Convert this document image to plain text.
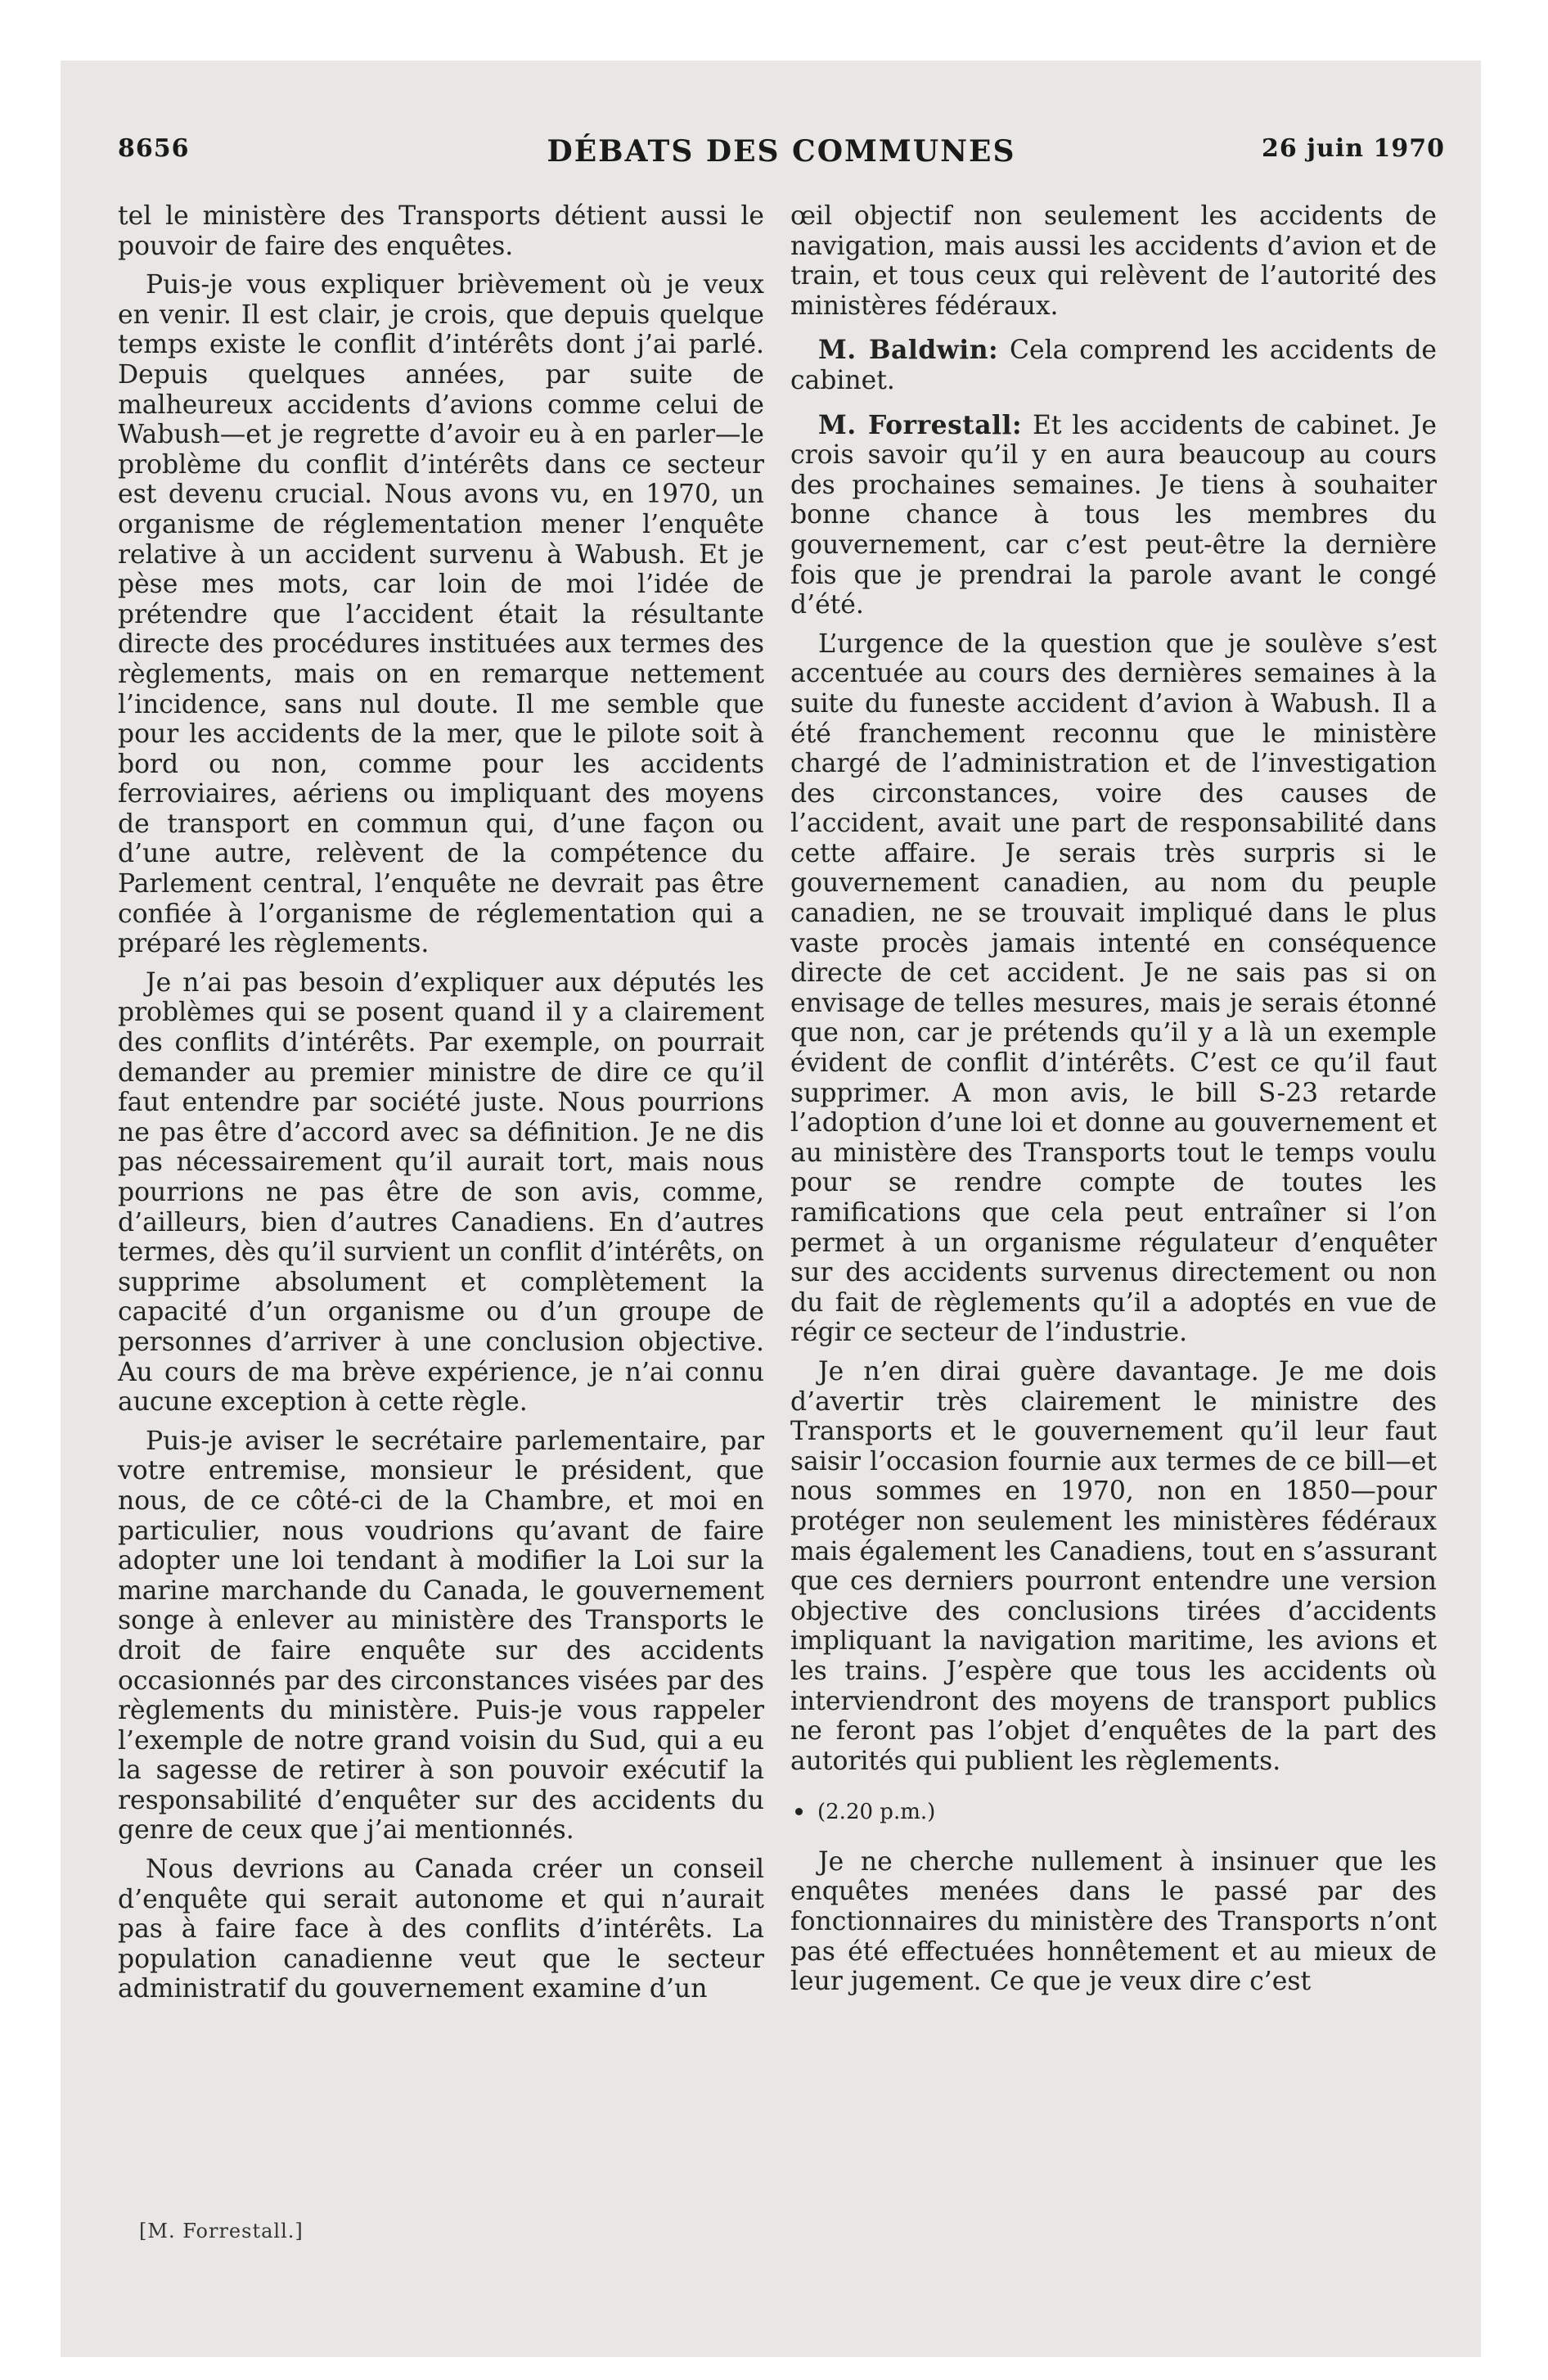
8656	DÉBATS DES COMMUNES	26 juin 1970

tel le ministère des Transports détient aussi le pouvoir de faire des enquêtes.

Puis-je vous expliquer brièvement où je veux en venir. Il est clair, je crois, que depuis quelque temps existe le conflit d’intérêts dont j’ai parlé. Depuis quelques années, par suite de malheureux accidents d’avions comme celui de Wabush—et je regrette d’avoir eu à en parler—le problème du conflit d’intérêts dans ce secteur est devenu crucial. Nous avons vu, en 1970, un organisme de réglementation mener l’enquête relative à un accident survenu à Wabush. Et je pèse mes mots, car loin de moi l’idée de prétendre que l’accident était la résultante directe des procédures instituées aux termes des règlements, mais on en remarque nettement l’incidence, sans nul doute. Il me semble que pour les accidents de la mer, que le pilote soit à bord ou non, comme pour les accidents ferroviaires, aériens ou impliquant des moyens de transport en commun qui, d’une façon ou d’une autre, relèvent de la compétence du Parlement central, l’enquête ne devrait pas être confiée à l’organisme de réglementation qui a préparé les règlements.

Je n’ai pas besoin d’expliquer aux députés les problèmes qui se posent quand il y a clairement des conflits d’intérêts. Par exemple, on pourrait demander au premier ministre de dire ce qu’il faut entendre par société juste. Nous pourrions ne pas être d’accord avec sa définition. Je ne dis pas nécessairement qu’il aurait tort, mais nous pourrions ne pas être de son avis, comme, d’ailleurs, bien d’autres Canadiens. En d’autres termes, dès qu’il survient un conflit d’intérêts, on supprime absolument et complètement la capacité d’un organisme ou d’un groupe de personnes d’arriver à une conclusion objective. Au cours de ma brève expérience, je n’ai connu aucune exception à cette règle.

Puis-je aviser le secrétaire parlementaire, par votre entremise, monsieur le président, que nous, de ce côté-ci de la Chambre, et moi en particulier, nous voudrions qu’avant de faire adopter une loi tendant à modifier la Loi sur la marine marchande du Canada, le gouvernement songe à enlever au ministère des Transports le droit de faire enquête sur des accidents occasionnés par des circonstances visées par des règlements du ministère. Puis-je vous rappeler l’exemple de notre grand voisin du Sud, qui a eu la sagesse de retirer à son pouvoir exécutif la responsabilité d’enquêter sur des accidents du genre de ceux que j’ai mentionnés.

Nous devrions au Canada créer un conseil d’enquête qui serait autonome et qui n’aurait pas à faire face à des conflits d’intérêts. La population canadienne veut que le secteur administratif du gouvernement examine d’un

[M. Forrestall.]

œil objectif non seulement les accidents de navigation, mais aussi les accidents d’avion et de train, et tous ceux qui relèvent de l’autorité des ministères fédéraux.

M. Baldwin: Cela comprend les accidents de cabinet.

M. Forrestall: Et les accidents de cabinet. Je crois savoir qu’il y en aura beaucoup au cours des prochaines semaines. Je tiens à souhaiter bonne chance à tous les membres du gouvernement, car c’est peut-être la dernière fois que je prendrai la parole avant le congé d’été.

L’urgence de la question que je soulève s’est accentuée au cours des dernières semaines à la suite du funeste accident d’avion à Wabush. Il a été franchement reconnu que le ministère chargé de l’administration et de l’investigation des circonstances, voire des causes de l’accident, avait une part de responsabilité dans cette affaire. Je serais très surpris si le gouvernement canadien, au nom du peuple canadien, ne se trouvait impliqué dans le plus vaste procès jamais intenté en conséquence directe de cet accident. Je ne sais pas si on envisage de telles mesures, mais je serais étonné que non, car je prétends qu’il y a là un exemple évident de conflit d’intérêts. C’est ce qu’il faut supprimer. A mon avis, le bill S-23 retarde l’adoption d’une loi et donne au gouvernement et au ministère des Transports tout le temps voulu pour se rendre compte de toutes les ramifications que cela peut entraîner si l’on permet à un organisme régulateur d’enquêter sur des accidents survenus directement ou non du fait de règlements qu’il a adoptés en vue de régir ce secteur de l’industrie.

Je n’en dirai guère davantage. Je me dois d’avertir très clairement le ministre des Transports et le gouvernement qu’il leur faut saisir l’occasion fournie aux termes de ce bill—et nous sommes en 1970, non en 1850—pour protéger non seulement les ministères fédéraux mais également les Canadiens, tout en s’assurant que ces derniers pourront entendre une version objective des conclusions tirées d’accidents impliquant la navigation maritime, les avions et les trains. J’espère que tous les accidents où interviendront des moyens de transport publics ne feront pas l’objet d’enquêtes de la part des autorités qui publient les règlements.

(2.20 p.m.)

Je ne cherche nullement à insinuer que les enquêtes menées dans le passé par des fonctionnaires du ministère des Transports n’ont pas été effectuées honnêtement et au mieux de leur jugement. Ce que je veux dire c’est
